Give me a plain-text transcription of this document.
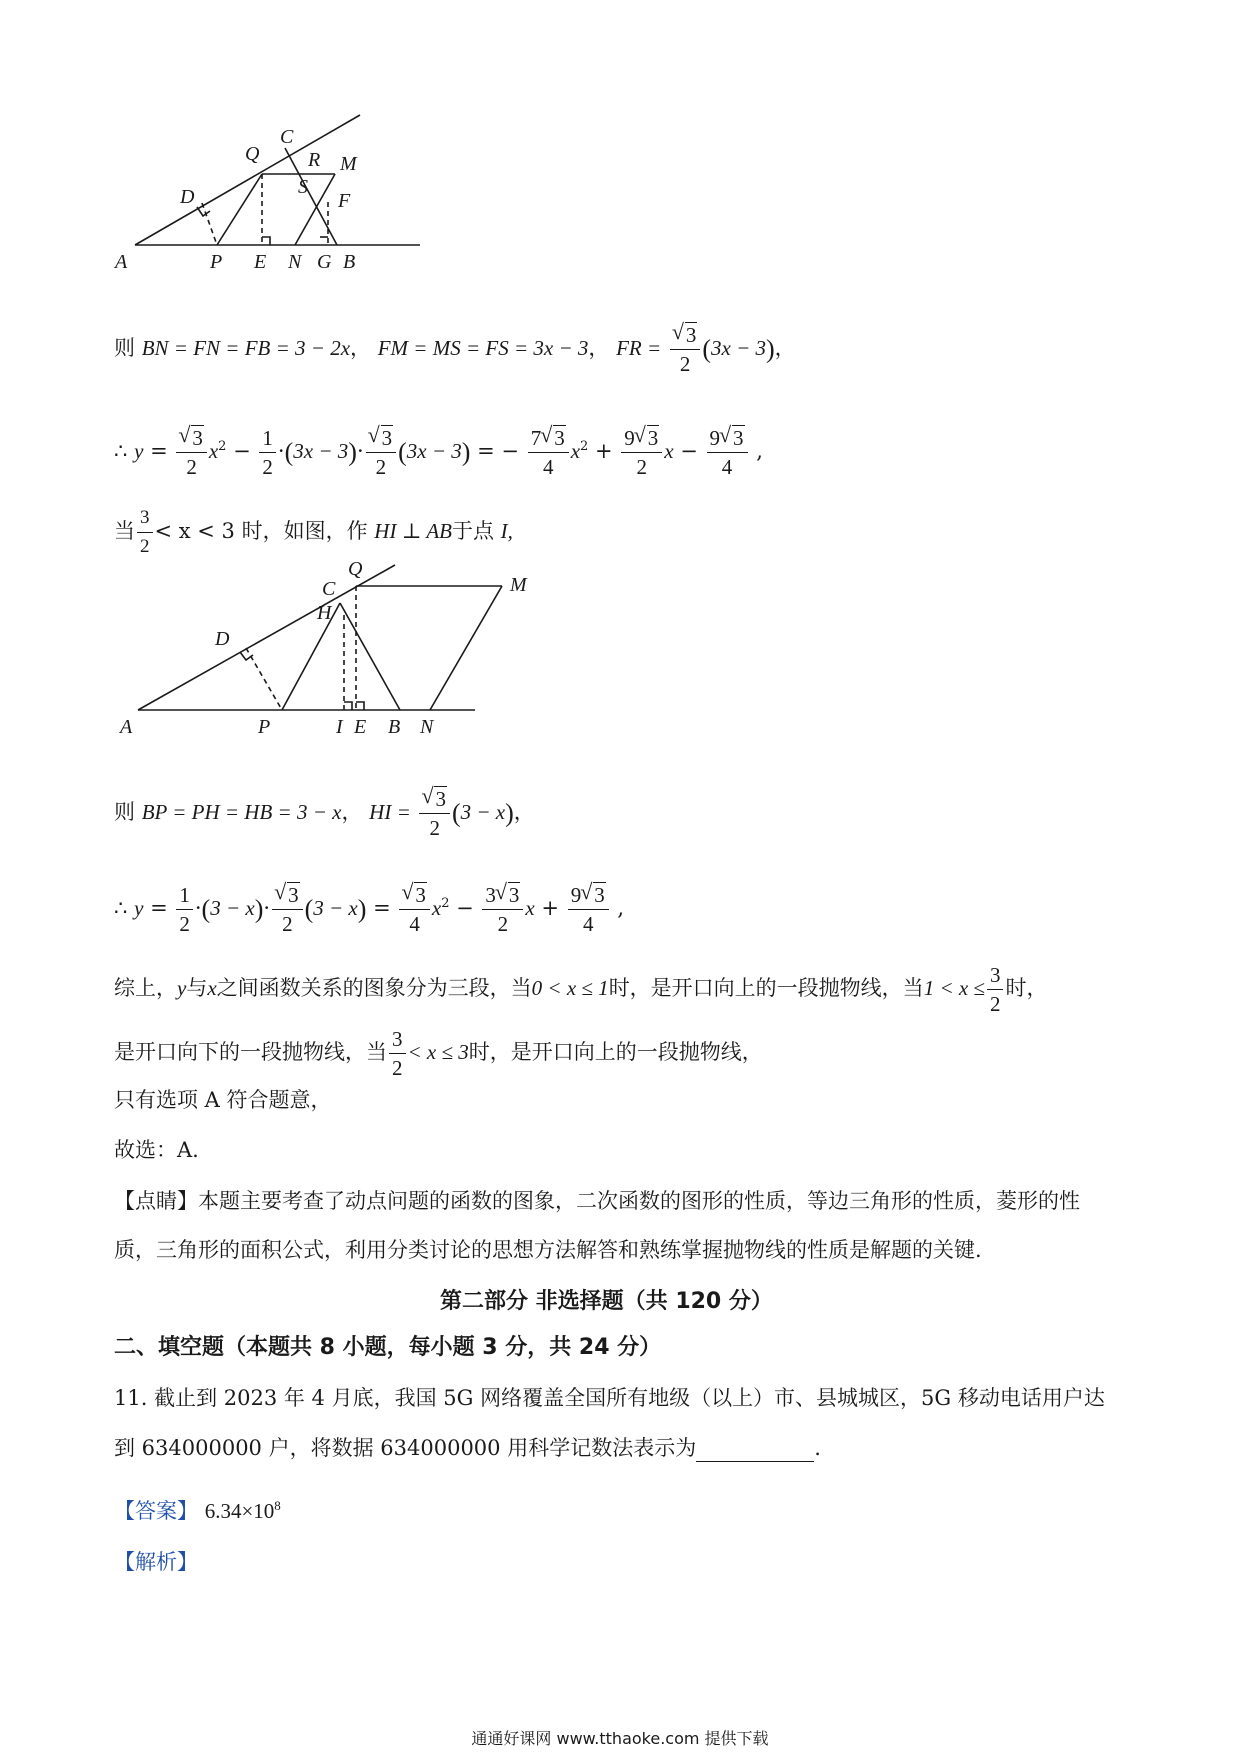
A	P E N G B
D
Q
C
R M
S
F
则 BN = FN = FB = 3 − 2x， FM = MS = FS = 3x − 3， FR = √ $\frac{3}{2} (3x - 3)$，
∴ y = √ $\frac{3}{2} x^2 - \frac{1}{2} \cdot(3x - 3)\cdot$ √ $\frac{3}{2} (3x - 3)$ = − $\frac{7 √ 3}{4} x^2 + \frac{9 √ 3}{2}$ $x - \frac{9 √ 3}{4}$ ,
当 $\frac{3}{2} < x < 3$ 时，如图，作 HI ⊥ AB于点 I,
A	P	I E B N
D
C
Q
H
M
则 BP = PH = HB = 3 − x， HI = √ $\frac{3}{2} (3 - x)$，
∴ $y = \frac{1}{2} \cdot(3 - x)\cdot$ √ $\frac{3}{2} (3 - x)$ = √ $\frac{3}{4} x^2 - \frac{3 √ 3}{2}$ $x + \frac{9 √ 3}{4}$ ,
综上，y与x之间函数关系的图象分为三段，当0 < x ≤ 1时，是开口向上的一段抛物线，当$1 < x \le \frac{3}{2}$ 时，
是开口向下的一段抛物线，当 $\frac{3}{2} < x \le 3$时，是开口向上的一段抛物线，
只有选项 A 符合题意，
故选：A.
【点睛】本题主要考查了动点问题的函数的图象，二次函数的图形的性质，等边三角形的性质，菱形的性
质，三角形的面积公式，利用分类讨论的思想方法解答和熟练掌握抛物线的性质是解题的关键.
第二部分 非选择题（共 120 分）
二、填空题（本题共 8 小题，每小题 3 分，共 24 分）
11. 截止到 2023 年 4 月底，我国 5G 网络覆盖全国所有地级（以上）市、县城城区，5G 移动电话用户达
到 634000000 户，将数据 634000000 用科学记数法表示为	.
【答案】 $6.34\times 10^8$
【解析】
通通好课网 www.tthaoke.com 提供下载
